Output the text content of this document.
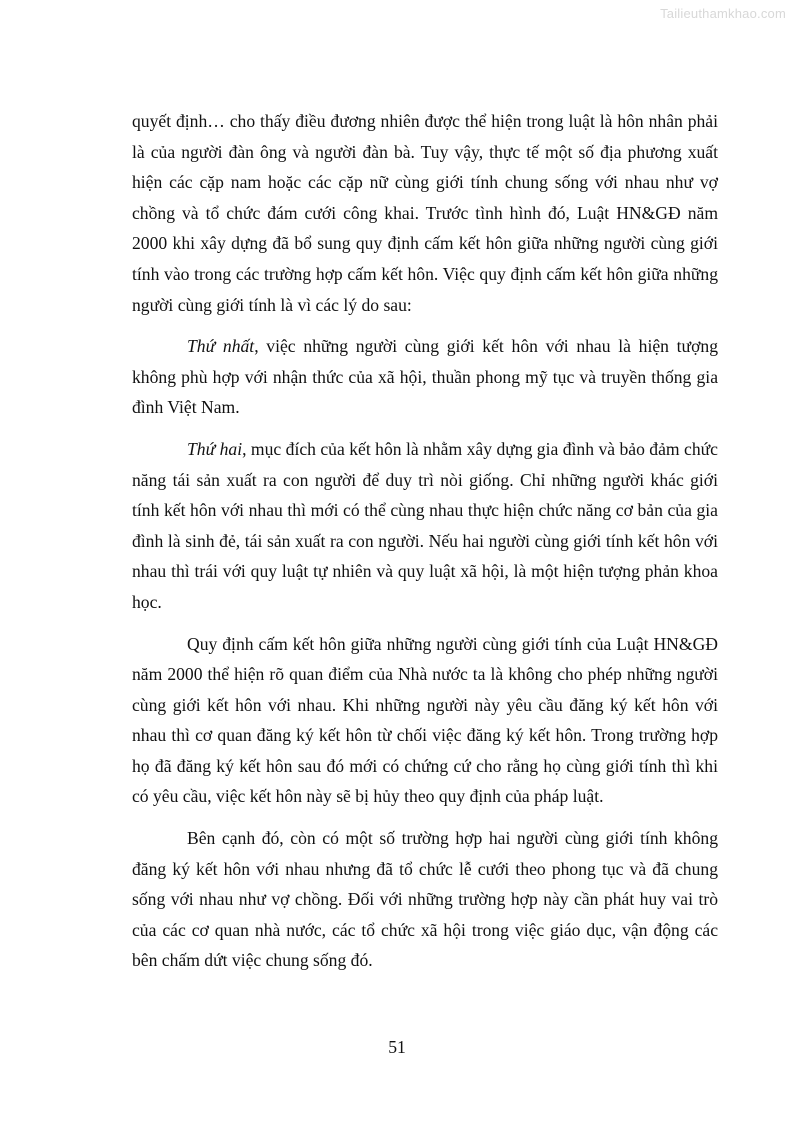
Tailieuthamkhao.com

quyết định… cho thấy điều đương nhiên được thể hiện trong luật là hôn nhân phải là của người đàn ông và người đàn bà. Tuy vậy, thực tế một số địa phương xuất hiện các cặp nam hoặc các cặp nữ cùng giới tính chung sống với nhau như vợ chồng và tổ chức đám cưới công khai. Trước tình hình đó, Luật HN&GĐ năm 2000 khi xây dựng đã bổ sung quy định cấm kết hôn giữa những người cùng giới tính vào trong các trường hợp cấm kết hôn. Việc quy định cấm kết hôn giữa những người cùng giới tính là vì các lý do sau:

Thứ nhất, việc những người cùng giới kết hôn với nhau là hiện tượng không phù hợp với nhận thức của xã hội, thuần phong mỹ tục và truyền thống gia đình Việt Nam.

Thứ hai, mục đích của kết hôn là nhằm xây dựng gia đình và bảo đảm chức năng tái sản xuất ra con người để duy trì nòi giống. Chỉ những người khác giới tính kết hôn với nhau thì mới có thể cùng nhau thực hiện chức năng cơ bản của gia đình là sinh đẻ, tái sản xuất ra con người. Nếu hai người cùng giới tính kết hôn với nhau thì trái với quy luật tự nhiên và quy luật xã hội, là một hiện tượng phản khoa học.

Quy định cấm kết hôn giữa những người cùng giới tính của Luật HN&GĐ năm 2000 thể hiện rõ quan điểm của Nhà nước ta là không cho phép những người cùng giới kết hôn với nhau. Khi những người này yêu cầu đăng ký kết hôn với nhau thì cơ quan đăng ký kết hôn từ chối việc đăng ký kết hôn. Trong trường hợp họ đã đăng ký kết hôn sau đó mới có chứng cứ cho rằng họ cùng giới tính thì khi có yêu cầu, việc kết hôn này sẽ bị hủy theo quy định của pháp luật.

Bên cạnh đó, còn có một số trường hợp hai người cùng giới tính không đăng ký kết hôn với nhau nhưng đã tổ chức lễ cưới theo phong tục và đã chung sống với nhau như vợ chồng. Đối với những trường hợp này cần phát huy vai trò của các cơ quan nhà nước, các tổ chức xã hội trong việc giáo dục, vận động các bên chấm dứt việc chung sống đó.

51
